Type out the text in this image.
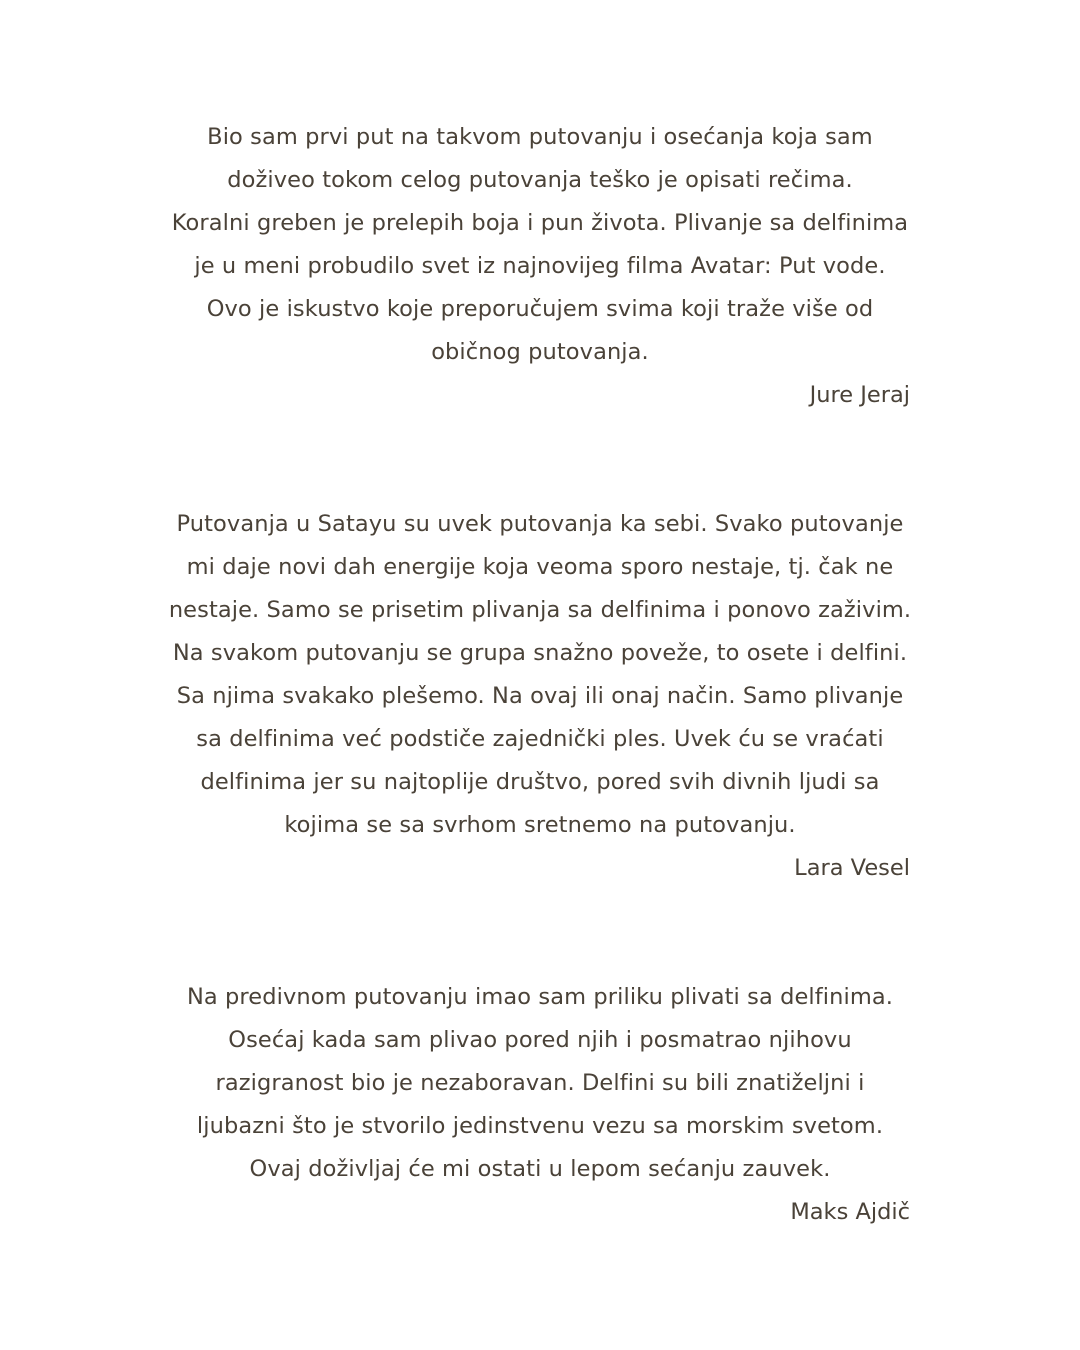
Bio sam prvi put na takvom putovanju i osećanja koja sam
doživeo tokom celog putovanja teško je opisati rečima.
Koralni greben je prelepih boja i pun života. Plivanje sa delfinima
je u meni probudilo svet iz najnovijeg filma Avatar: Put vode.
Ovo je iskustvo koje preporučujem svima koji traže više od
običnog putovanja.
Jure Jeraj
Putovanja u Satayu su uvek putovanja ka sebi. Svako putovanje
mi daje novi dah energije koja veoma sporo nestaje, tj. čak ne
nestaje. Samo se prisetim plivanja sa delfinima i ponovo zaživim.
Na svakom putovanju se grupa snažno poveže, to osete i delfini.
Sa njima svakako plešemo. Na ovaj ili onaj način. Samo plivanje
sa delfinima već podstiče zajednički ples. Uvek ću se vraćati
delfinima jer su najtoplije društvo, pored svih divnih ljudi sa
kojima se sa svrhom sretnemo na putovanju.
Lara Vesel
Na predivnom putovanju imao sam priliku plivati sa delfinima.
Osećaj kada sam plivao pored njih i posmatrao njihovu
razigranost bio je nezaboravan. Delfini su bili znatiželjni i
ljubazni što je stvorilo jedinstvenu vezu sa morskim svetom.
Ovaj doživljaj će mi ostati u lepom sećanju zauvek.
Maks Ajdič
